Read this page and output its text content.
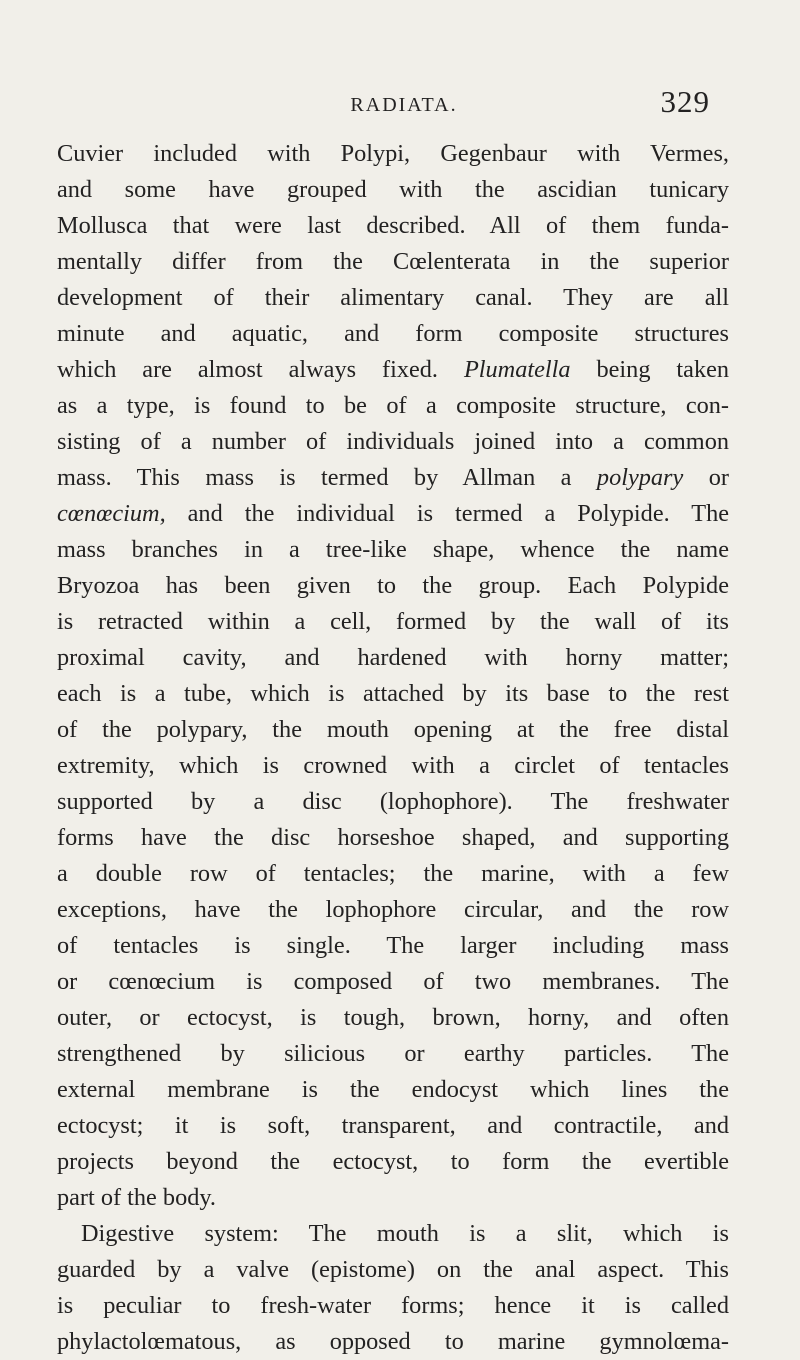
RADIATA.	329
Cuvier included with Polypi, Gegenbaur with Vermes,
and some have grouped with the ascidian tunicary
Mollusca that were last described. All of them funda-
mentally differ from the Cœlenterata in the superior
development of their alimentary canal. They are all
minute and aquatic, and form composite structures
which are almost always fixed. Plumatella being taken
as a type, is found to be of a composite structure, con-
sisting of a number of individuals joined into a common
mass. This mass is termed by Allman a polypary or
cœnœcium, and the individual is termed a Polypide. The
mass branches in a tree-like shape, whence the name
Bryozoa has been given to the group. Each Polypide
is retracted within a cell, formed by the wall of its
proximal cavity, and hardened with horny matter;
each is a tube, which is attached by its base to the rest
of the polypary, the mouth opening at the free distal
extremity, which is crowned with a circlet of tentacles
supported by a disc (lophophore). The freshwater
forms have the disc horseshoe shaped, and supporting
a double row of tentacles; the marine, with a few
exceptions, have the lophophore circular, and the row
of tentacles is single. The larger including mass
or cœnœcium is composed of two membranes. The
outer, or ectocyst, is tough, brown, horny, and often
strengthened by silicious or earthy particles. The
external membrane is the endocyst which lines the
ectocyst; it is soft, transparent, and contractile, and
projects beyond the ectocyst, to form the evertible
part of the body.
Digestive system: The mouth is a slit, which is
guarded by a valve (epistome) on the anal aspect. This
is peculiar to fresh-water forms; hence it is called
phylactolœmatous, as opposed to marine gymnolœma-
